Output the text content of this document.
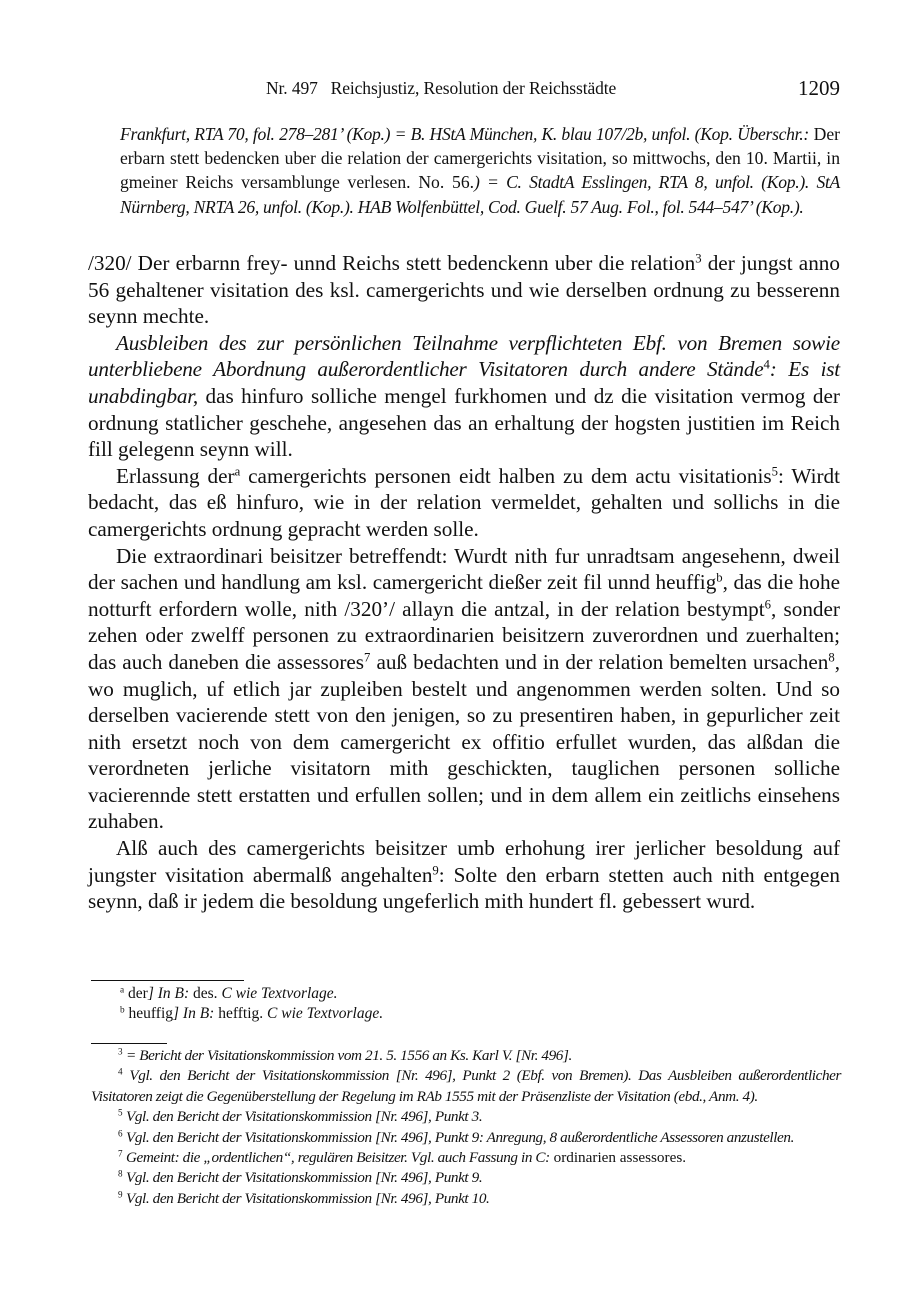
Nr. 497   Reichsjustiz, Resolution der Reichsstädte	1209
Frankfurt, RTA 70, fol. 278–281’ (Kop.) = B. HStA München, K. blau 107/2b, unfol. (Kop. Überschr.: Der erbarn stett bedencken uber die relation der camergerichts visitation, so mittwochs, den 10. Martii, in gmeiner Reichs versamblunge verlesen. No. 56.) = C. StadtA Esslingen, RTA 8, unfol. (Kop.). StA Nürnberg, NRTA 26, unfol. (Kop.). HAB Wolfenbüttel, Cod. Guelf. 57 Aug. Fol., fol. 544–547’ (Kop.).

/320/ Der erbarnn frey- unnd Reichs stett bedenckenn uber die relation$^3$ der jungst anno 56 gehaltener visitation des ksl. camergerichts und wie derselben ordnung zu besserenn seynn mechte.

Ausbleiben des zur persönlichen Teilnahme verpflichteten Ebf. von Bremen sowie unterbliebene Abordnung außerordentlicher Visitatoren durch andere Stände$^4$: Es ist unabdingbar, das hinfuro solliche mengel furkhomen und dz die visitation vermog der ordnung statlicher geschehe, angesehen das an erhaltung der hogsten justitien im Reich fill gelegenn seynn will.

Erlassung der$^a$ camergerichts personen eidt halben zu dem actu visitationis$^5$: Wirdt bedacht, das eß hinfuro, wie in der relation vermeldet, gehalten und sollichs in die camergerichts ordnung gepracht werden solle.

Die extraordinari beisitzer betreffendt: Wurdt nith fur unradtsam angesehenn, dweil der sachen und handlung am ksl. camergericht dießer zeit fil unnd heuffig$^b$, das die hohe notturft erfordern wolle, nith /320’/ allayn die antzal, in der relation bestympt$^6$, sonder zehen oder zwelff personen zu extraordinarien beisitzern zuverordnen und zuerhalten; das auch daneben die assessores$^7$ auß bedachten und in der relation bemelten ursachen$^8$, wo muglich, uf etlich jar zupleiben bestelt und angenommen werden solten. Und so derselben vacierende stett von den jenigen, so zu presentiren haben, in gepurlicher zeit nith ersetzt noch von dem camergericht ex offitio erfullet wurden, das alßdan die verordneten jerliche visitatorn mith geschickten, tauglichen personen solliche vacierennde stett erstatten und erfullen sollen; und in dem allem ein zeitlichs einsehens zuhaben.

Alß auch des camergerichts beisitzer umb erhohung irer jerlicher besoldung auf jungster visitation abermalß angehalten$^9$: Solte den erbarn stetten auch nith entgegen seynn, daß ir jedem die besoldung ungeferlich mith hundert fl. gebessert wurd.

$^a$ der] In B: des. C wie Textvorlage.

$^b$ heuffig] In B: hefftig. C wie Textvorlage.

$^3$ = Bericht der Visitationskommission vom 21. 5. 1556 an Ks. Karl V. [Nr. 496].

$^4$ Vgl. den Bericht der Visitationskommission [Nr. 496], Punkt 2 (Ebf. von Bremen). Das Ausbleiben außerordentlicher Visitatoren zeigt die Gegenüberstellung der Regelung im RAb 1555 mit der Präsenzliste der Visitation (ebd., Anm. 4).

$^5$ Vgl. den Bericht der Visitationskommission [Nr. 496], Punkt 3.

$^6$ Vgl. den Bericht der Visitationskommission [Nr. 496], Punkt 9: Anregung, 8 außerordentliche Assessoren anzustellen.

$^7$ Gemeint: die „ordentlichen“, regulären Beisitzer. Vgl. auch Fassung in C: ordinarien assessores.

$^8$ Vgl. den Bericht der Visitationskommission [Nr. 496], Punkt 9.

$^9$ Vgl. den Bericht der Visitationskommission [Nr. 496], Punkt 10.
